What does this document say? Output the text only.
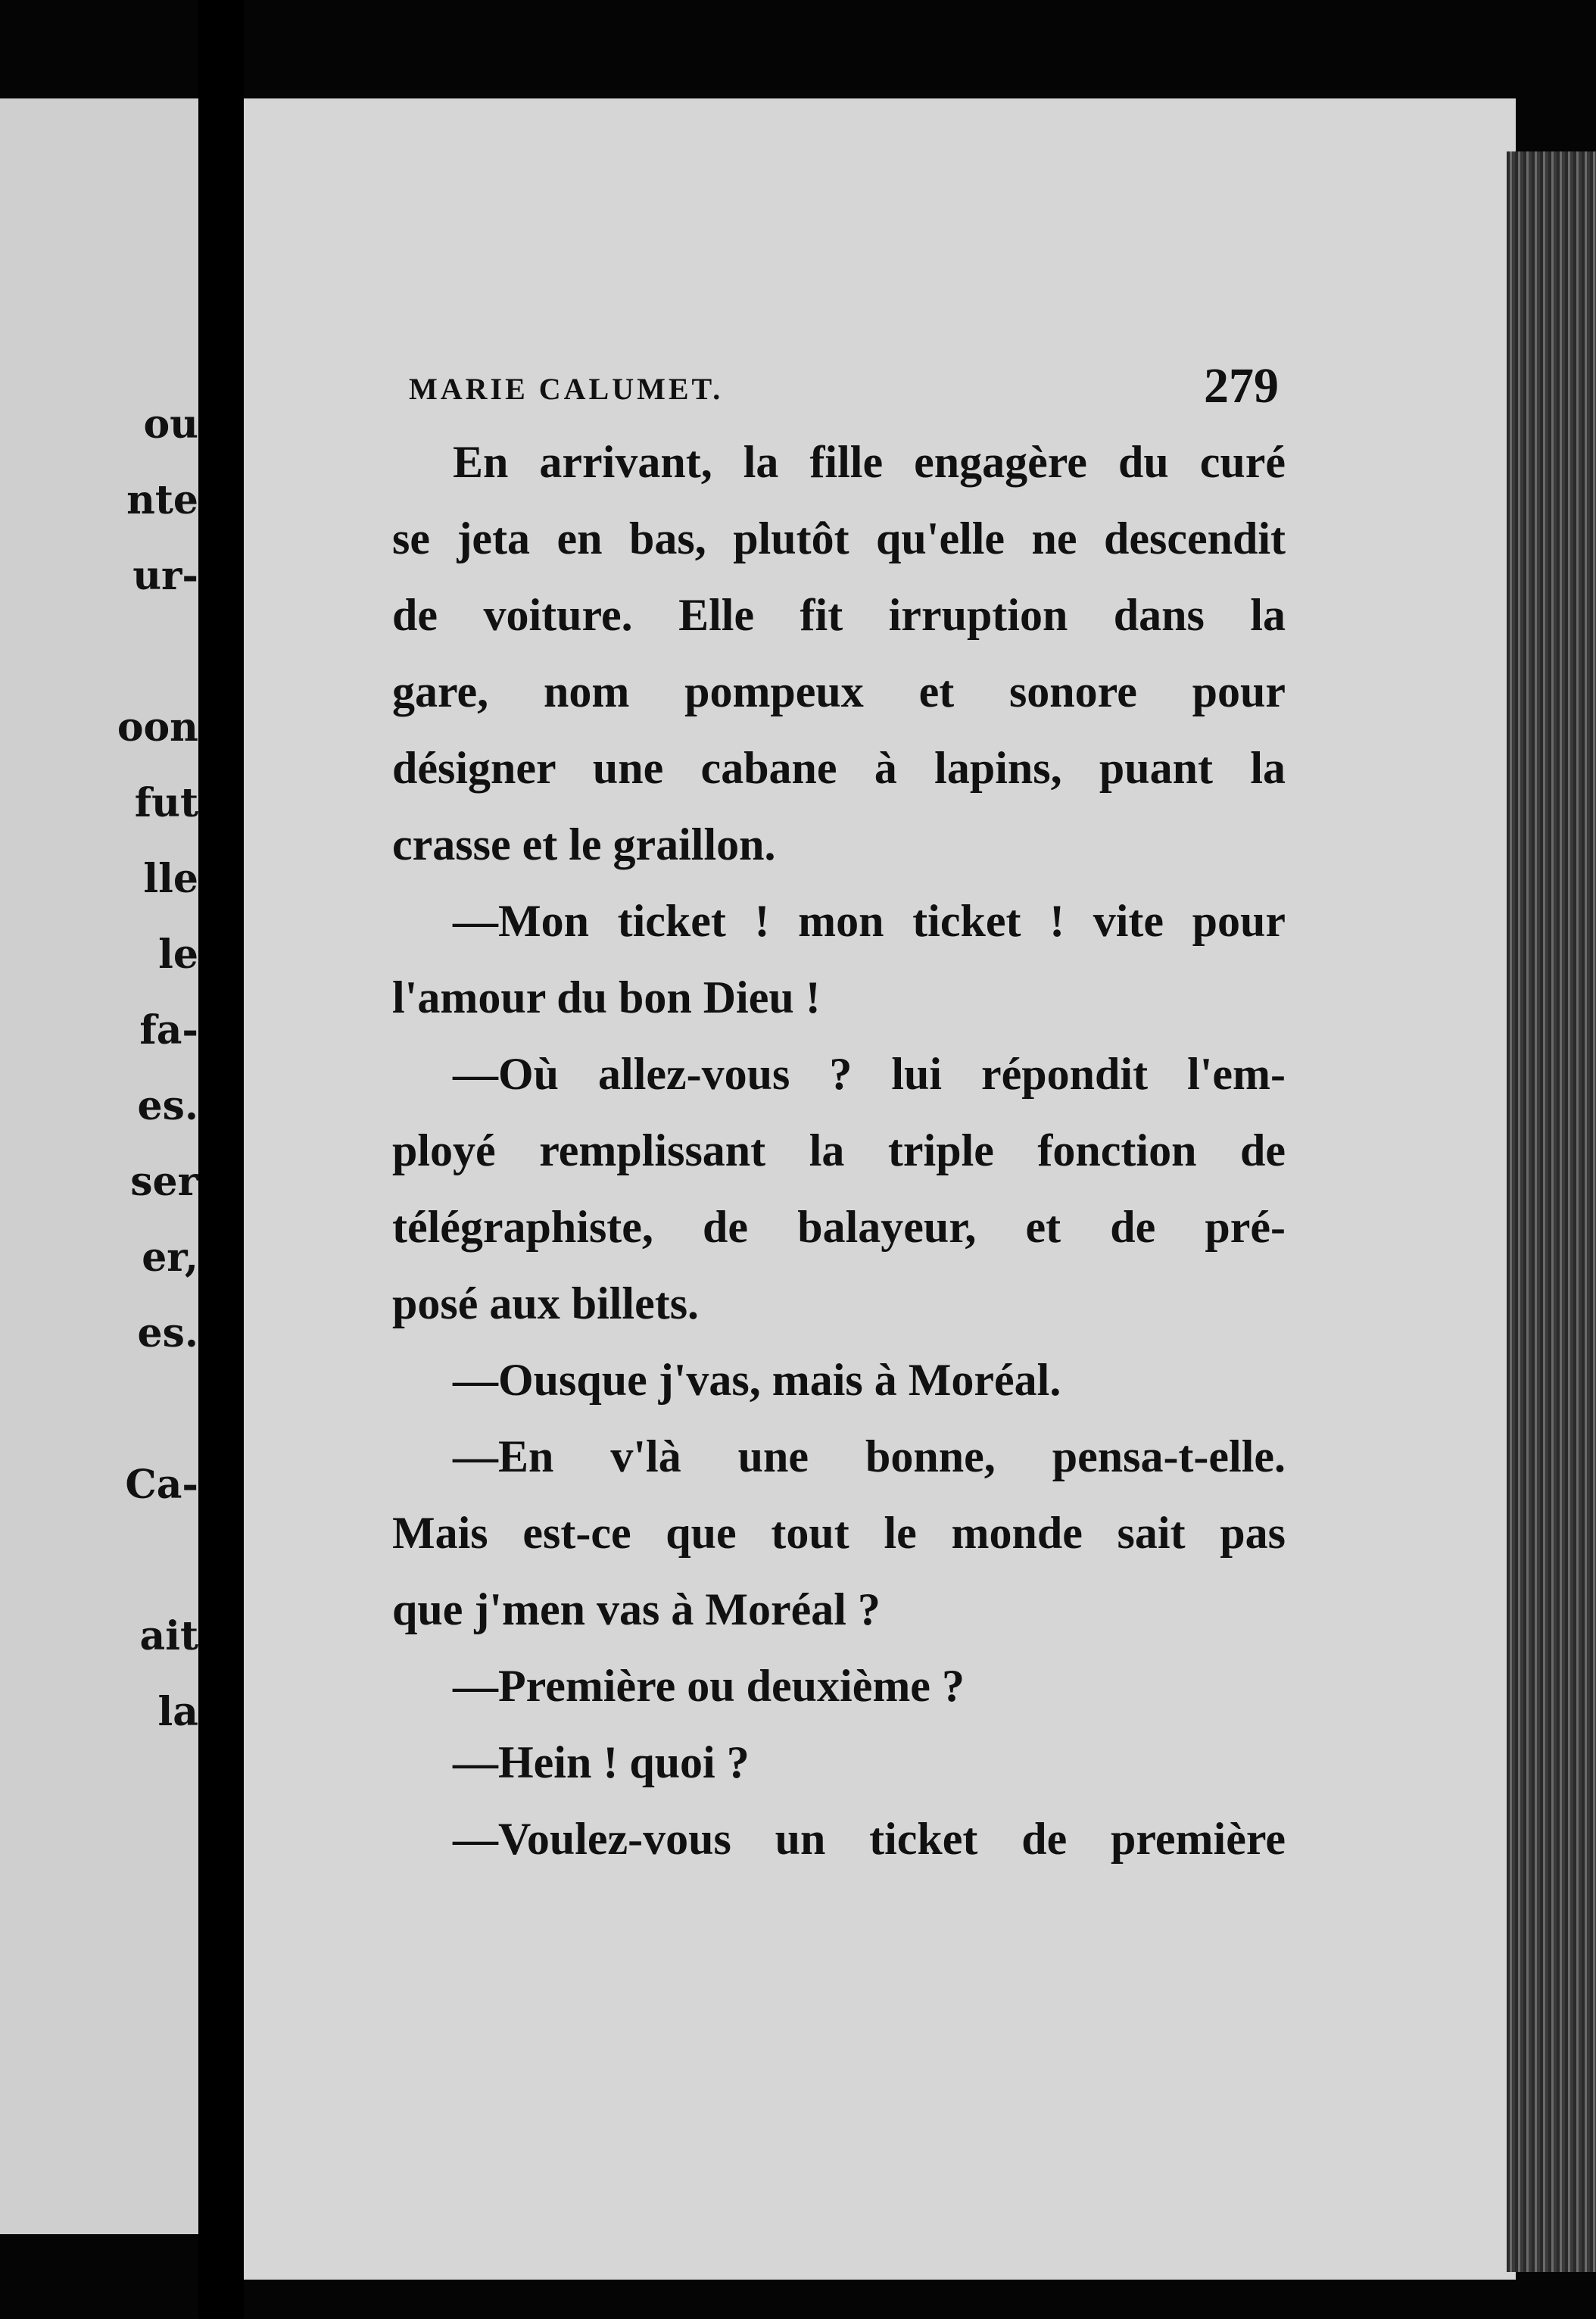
ou
nte
ur-
oon
fut
lle
le
fa-
es.
ser
er,
es.
Ca-
ait
la
MARIE CALUMET.	279
En arrivant, la fille engagère du curé
se jeta en bas, plutôt qu'elle ne descendit
de voiture. Elle fit irruption dans la
gare, nom pompeux et sonore pour
désigner une cabane à lapins, puant la
crasse et le graillon.
—Mon ticket ! mon ticket ! vite pour
l'amour du bon Dieu !
—Où allez-vous ? lui répondit l'em-
ployé remplissant la triple fonction de
télégraphiste, de balayeur, et de pré-
posé aux billets.
—Ousque j'vas, mais à Moréal.
—En v'là une bonne, pensa-t-elle.
Mais est-ce que tout le monde sait pas
que j'men vas à Moréal ?
—Première ou deuxième ?
—Hein ! quoi ?
—Voulez-vous un ticket de première
